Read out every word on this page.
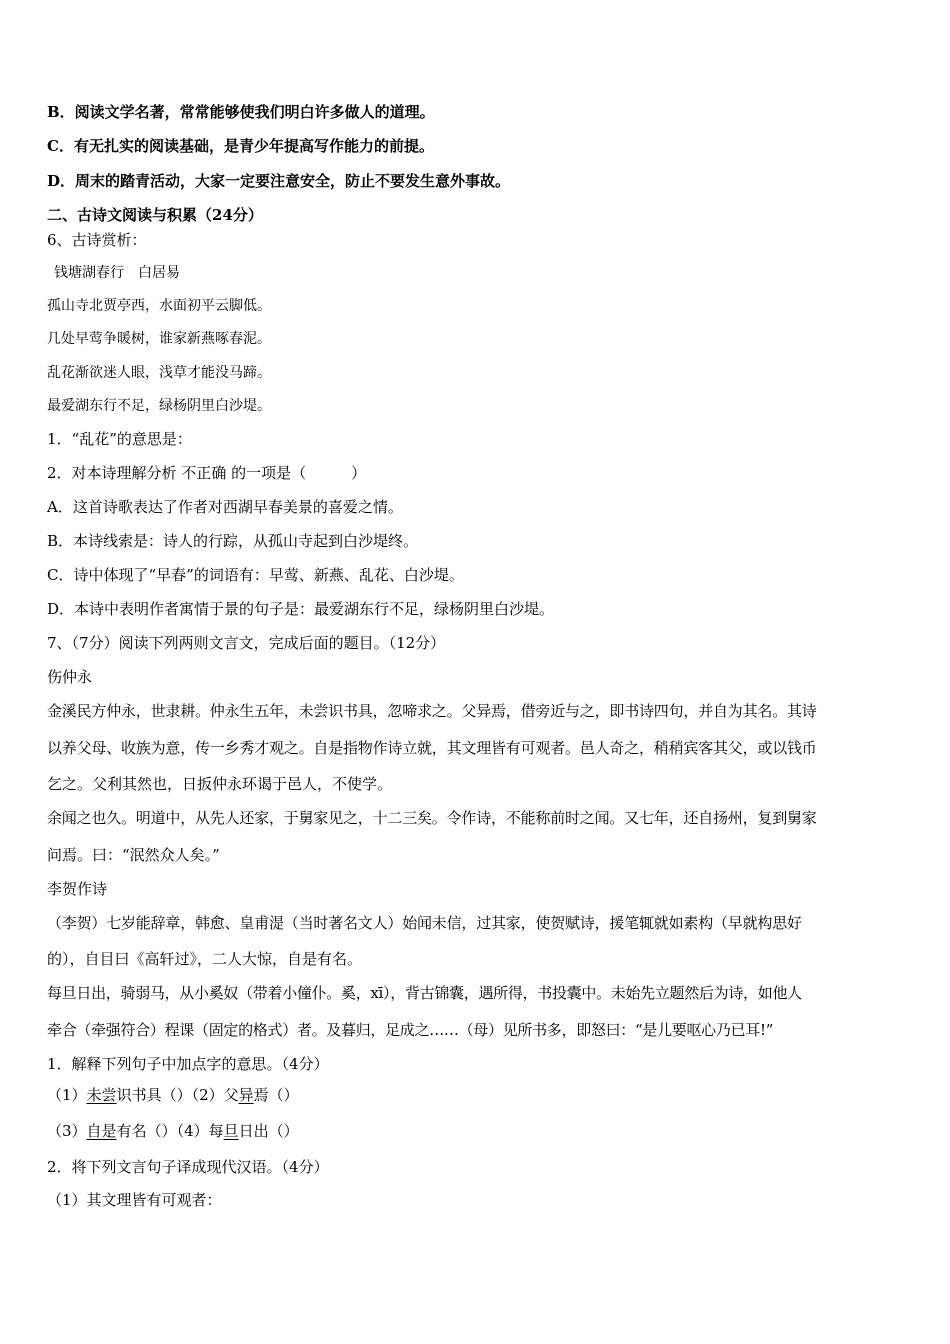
B．阅读文学名著，常常能够使我们明白许多做人的道理。
C．有无扎实的阅读基础，是青少年提高写作能力的前提。
D．周末的踏青活动，大家一定要注意安全，防止不要发生意外事故。
二、古诗文阅读与积累（24分）
6、古诗赏析：
钱塘湖春行　白居易
孤山寺北贾亭西，水面初平云脚低。
几处早莺争暖树，谁家新燕啄春泥。
乱花渐欲迷人眼，浅草才能没马蹄。
最爱湖东行不足，绿杨阴里白沙堤。
1．“乱花”的意思是：
2．对本诗理解分析 不正确 的一项是（　　　）
A．这首诗歌表达了作者对西湖早春美景的喜爱之情。
B．本诗线索是：诗人的行踪，从孤山寺起到白沙堤终。
C．诗中体现了“早春”的词语有：早莺、新燕、乱花、白沙堤。
D．本诗中表明作者寓情于景的句子是：最爱湖东行不足，绿杨阴里白沙堤。
7、（7分）阅读下列两则文言文，完成后面的题目。（12分）
伤仲永
金溪民方仲永，世隶耕。仲永生五年，未尝识书具，忽啼求之。父异焉，借旁近与之，即书诗四句，并自为其名。其诗
以养父母、收族为意，传一乡秀才观之。自是指物作诗立就，其文理皆有可观者。邑人奇之，稍稍宾客其父，或以钱币
乞之。父利其然也，日扳仲永环谒于邑人，不使学。
余闻之也久。明道中，从先人还家，于舅家见之，十二三矣。令作诗，不能称前时之闻。又七年，还自扬州，复到舅家
问焉。曰：“泯然众人矣。”
李贺作诗
（李贺）七岁能辞章，韩愈、皇甫湜（当时著名文人）始闻未信，过其家，使贺赋诗，援笔辄就如素构（早就构思好
的），自目曰《高轩过》，二人大惊，自是有名。
每旦日出，骑弱马，从小奚奴（带着小僮仆。奚，xī），背古锦囊，遇所得，书投囊中。未始先立题然后为诗，如他人
牵合（牵强符合）程课（固定的格式）者。及暮归，足成之……（母）见所书多，即怒曰：“是儿要呕心乃已耳!”
1．解释下列句子中加点字的意思。（4分）
（1）未尝识书具（）（2）父异焉（）
（3）自是有名（）（4）每旦日出（）
2．将下列文言句子译成现代汉语。（4分）
（1）其文理皆有可观者：
